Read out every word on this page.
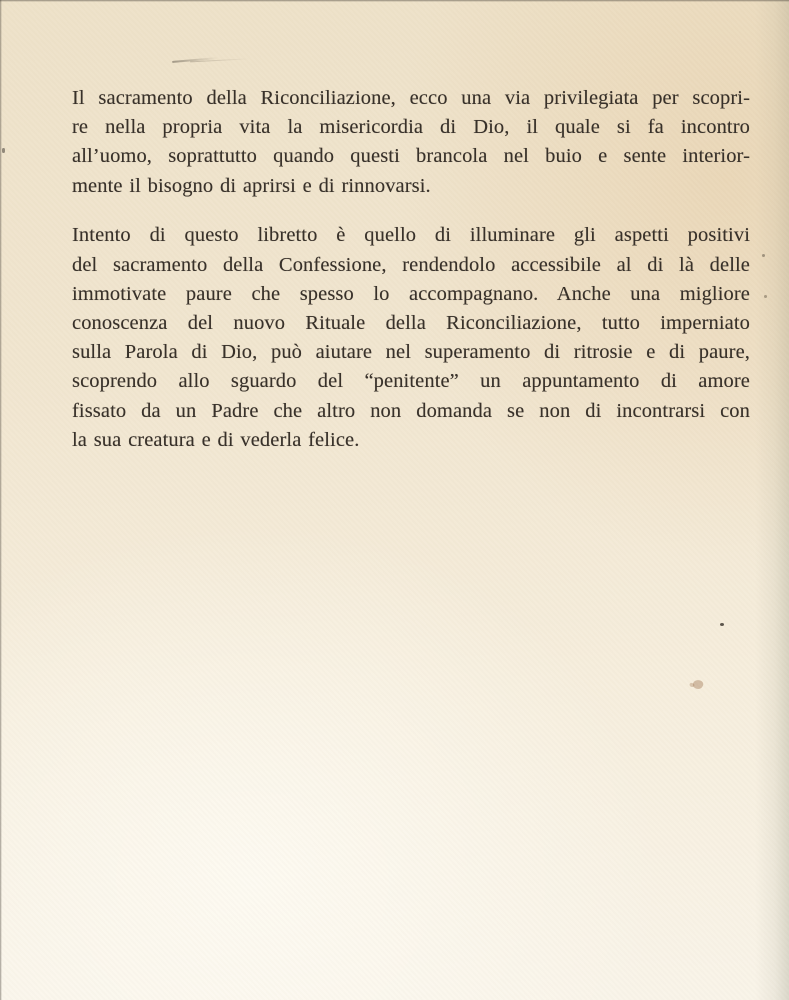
Il sacramento della Riconciliazione, ecco una via privilegiata per scopri-
re nella propria vita la misericordia di Dio, il quale si fa incontro
all’uomo, soprattutto quando questi brancola nel buio e sente interior-
mente il bisogno di aprirsi e di rinnovarsi.

Intento di questo libretto è quello di illuminare gli aspetti positivi
del sacramento della Confessione, rendendolo accessibile al di là delle
immotivate paure che spesso lo accompagnano. Anche una migliore
conoscenza del nuovo Rituale della Riconciliazione, tutto imperniato
sulla Parola di Dio, può aiutare nel superamento di ritrosie e di paure,
scoprendo allo sguardo del “penitente” un appuntamento di amore
fissato da un Padre che altro non domanda se non di incontrarsi con
la sua creatura e di vederla felice.
